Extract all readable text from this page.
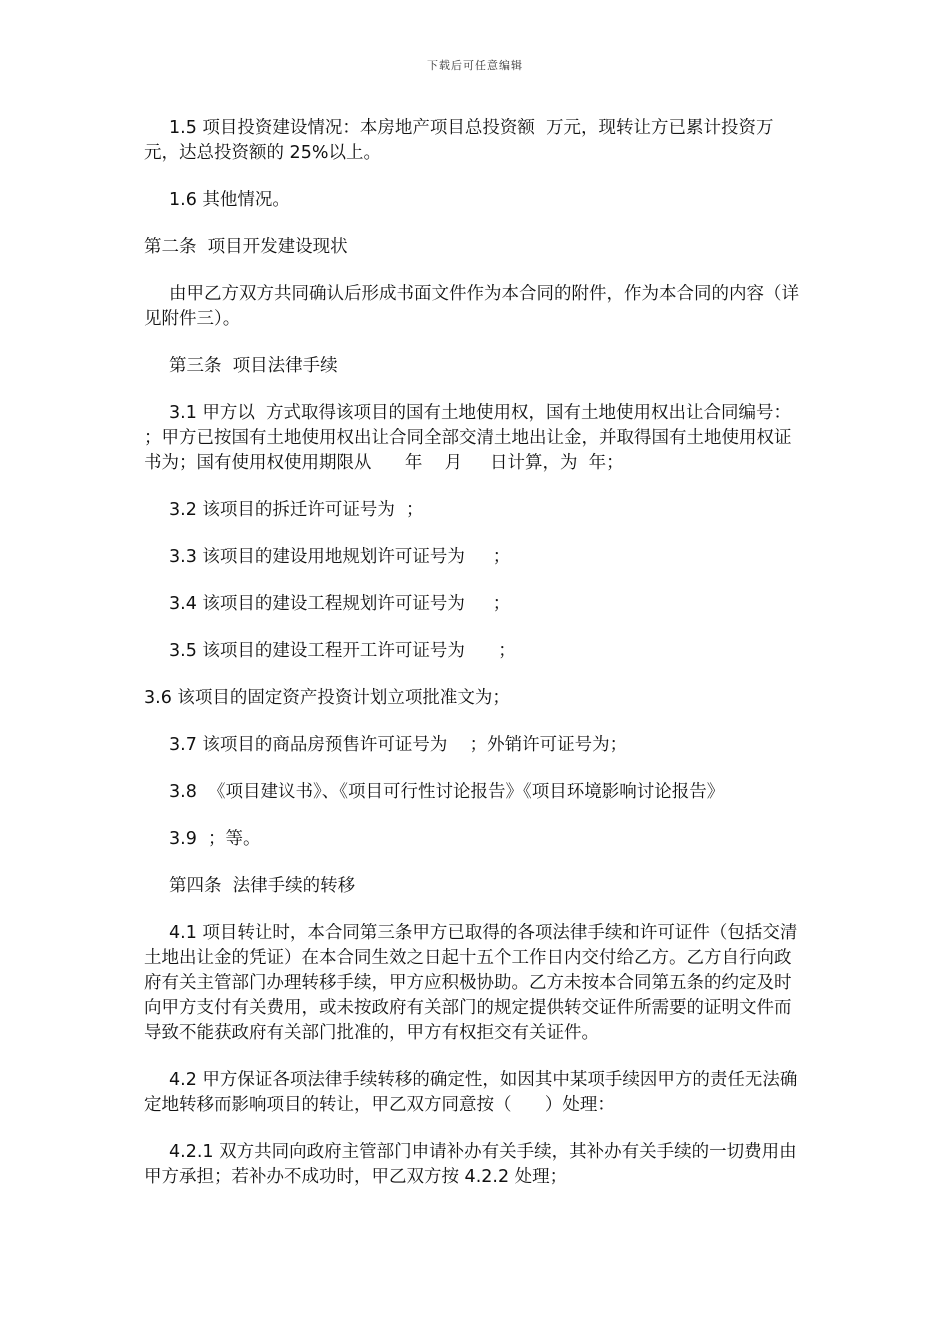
下载后可任意编辑

1.5 项目投资建设情况：本房地产项目总投资额  万元，现转让方已累计投资万元，达总投资额的 25%以上。

1.6 其他情况。

第二条  项目开发建设现状

由甲乙方双方共同确认后形成书面文件作为本合同的附件，作为本合同的内容（详见附件三）。

第三条  项目法律手续

3.1 甲方以  方式取得该项目的国有土地使用权，国有土地使用权出让合同编号：    ；甲方已按国有土地使用权出让合同全部交清土地出让金，并取得国有土地使用权证书为；国有使用权使用期限从      年    月     日计算，为  年；

3.2 该项目的拆迁许可证号为  ；

3.3 该项目的建设用地规划许可证号为     ；

3.4 该项目的建设工程规划许可证号为     ；

3.5 该项目的建设工程开工许可证号为      ；

3.6 该项目的固定资产投资计划立项批准文为；

3.7 该项目的商品房预售许可证号为    ；外销许可证号为；

3.8  《项目建议书》、《项目可行性讨论报告》《项目环境影响讨论报告》

3.9  ；等。

第四条  法律手续的转移

4.1 项目转让时，本合同第三条甲方已取得的各项法律手续和许可证件（包括交清土地出让金的凭证）在本合同生效之日起十五个工作日内交付给乙方。乙方自行向政府有关主管部门办理转移手续，甲方应积极协助。乙方未按本合同第五条的约定及时向甲方支付有关费用，或未按政府有关部门的规定提供转交证件所需要的证明文件而导致不能获政府有关部门批准的，甲方有权拒交有关证件。

4.2 甲方保证各项法律手续转移的确定性，如因其中某项手续因甲方的责任无法确定地转移而影响项目的转让，甲乙双方同意按（      ）处理：

4.2.1 双方共同向政府主管部门申请补办有关手续，其补办有关手续的一切费用由甲方承担；若补办不成功时，甲乙双方按 4.2.2 处理；
